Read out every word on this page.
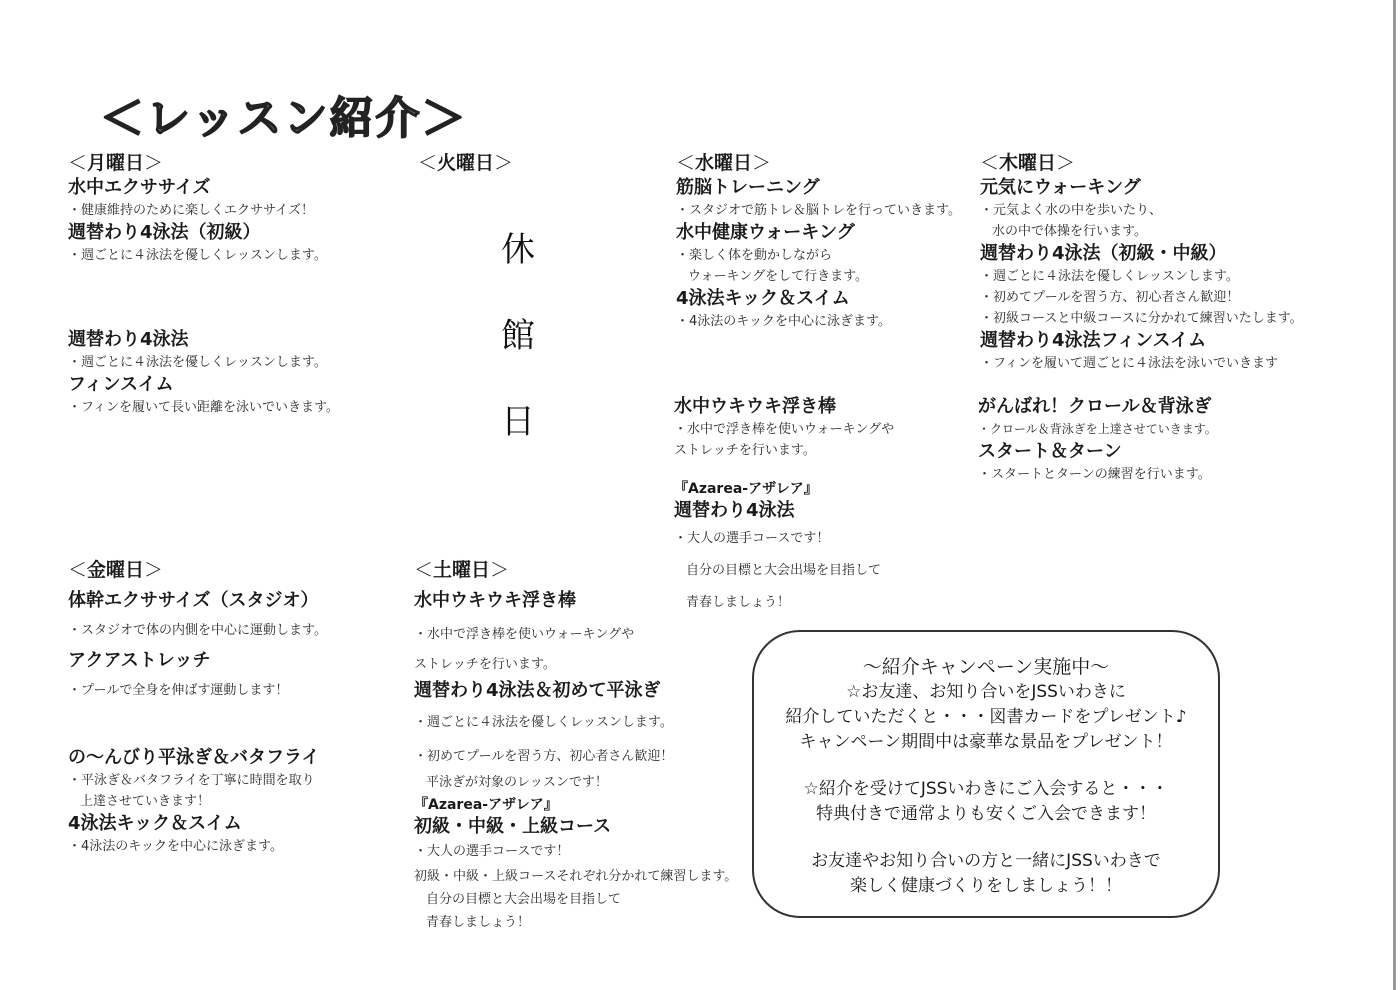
＜レッスン紹介＞
＜月曜日＞
水中エクササイズ
・健康維持のために楽しくエクササイズ！
週替わり4泳法（初級）
・週ごとに４泳法を優しくレッスンします。
週替わり4泳法
・週ごとに４泳法を優しくレッスンします。
フィンスイム
・フィンを履いて長い距離を泳いでいきます。
＜火曜日＞
休
館
日
＜水曜日＞
筋脳トレーニング
・スタジオで筋トレ＆脳トレを行っていきます。
水中健康ウォーキング
・楽しく体を動かしながら
ウォーキングをして行きます。
4泳法キック＆スイム
・4泳法のキックを中心に泳ぎます。
水中ウキウキ浮き棒
・水中で浮き棒を使いウォーキングや
ストレッチを行います。
『Azarea-アザレア』
週替わり4泳法
・大人の選手コースです！
自分の目標と大会出場を目指して
青春しましょう！
＜木曜日＞
元気にウォーキング
・元気よく水の中を歩いたり、
水の中で体操を行います。
週替わり4泳法（初級・中級）
・週ごとに４泳法を優しくレッスンします。
・初めてプールを習う方、初心者さん歓迎！
・初級コースと中級コースに分かれて練習いたします。
週替わり4泳法フィンスイム
・フィンを履いて週ごとに４泳法を泳いでいきます
がんばれ！クロール＆背泳ぎ
・クロール＆背泳ぎを上達させていきます。
スタート＆ターン
・スタートとターンの練習を行います。
＜金曜日＞
体幹エクササイズ（スタジオ）
・スタジオで体の内側を中心に運動します。
アクアストレッチ
・プールで全身を伸ばす運動します！
の～んびり平泳ぎ＆バタフライ
・平泳ぎ＆バタフライを丁寧に時間を取り
上達させていきます！
4泳法キック＆スイム
・4泳法のキックを中心に泳ぎます。
＜土曜日＞
水中ウキウキ浮き棒
・水中で浮き棒を使いウォーキングや
ストレッチを行います。
週替わり4泳法＆初めて平泳ぎ
・週ごとに４泳法を優しくレッスンします。
・初めてプールを習う方、初心者さん歓迎！
平泳ぎが対象のレッスンです！
『Azarea-アザレア』
初級・中級・上級コース
・大人の選手コースです！
初級・中級・上級コースそれぞれ分かれて練習します。
自分の目標と大会出場を目指して
青春しましょう！
～紹介キャンペーン実施中～
☆お友達、お知り合いをJSSいわきに
紹介していただくと・・・図書カードをプレゼント♪
キャンペーン期間中は豪華な景品をプレゼント！
☆紹介を受けてJSSいわきにご入会すると・・・
特典付きで通常よりも安くご入会できます！
お友達やお知り合いの方と一緒にJSSいわきで
楽しく健康づくりをしましょう！！
